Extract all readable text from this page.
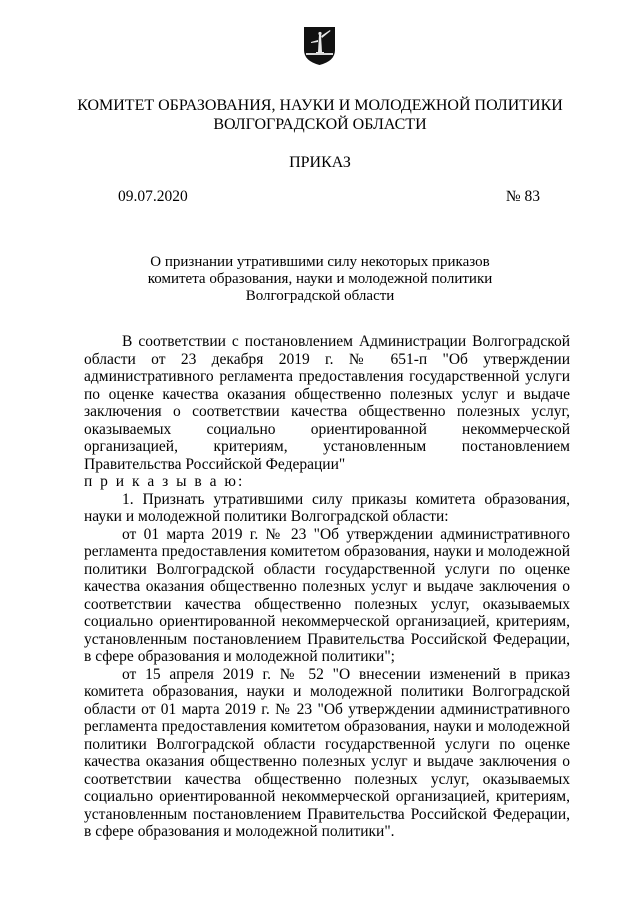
КОМИТЕТ ОБРАЗОВАНИЯ, НАУКИ И МОЛОДЕЖНОЙ ПОЛИТИКИ
ВОЛГОГРАДСКОЙ ОБЛАСТИ
ПРИКАЗ
09.07.2020	№ 83
О признании утратившими силу некоторых приказов
комитета образования, науки и молодежной политики
Волгоградской области

В соответствии с постановлением Администрации Волгоградской области от 23 декабря 2019 г. № 651-п "Об утверждении административного регламента предоставления государственной услуги по оценке качества оказания общественно полезных услуг и выдаче заключения о соответствии качества общественно полезных услуг, оказываемых социально ориентированной некоммерческой организацией, критериям, установленным постановлением Правительства Российской Федерации"

п р и к а з ы в а ю:

1. Признать утратившими силу приказы комитета образования, науки и молодежной политики Волгоградской области:

от 01 марта 2019 г. № 23 "Об утверждении административного регламента предоставления комитетом образования, науки и молодежной политики Волгоградской области государственной услуги по оценке качества оказания общественно полезных услуг и выдаче заключения о соответствии качества общественно полезных услуг, оказываемых социально ориентированной некоммерческой организацией, критериям, установленным постановлением Правительства Российской Федерации, в сфере образования и молодежной политики";

от 15 апреля 2019 г. № 52 "О внесении изменений в приказ комитета образования, науки и молодежной политики Волгоградской области от 01 марта 2019 г. № 23 "Об утверждении административного регламента предоставления комитетом образования, науки и молодежной политики Волгоградской области государственной услуги по оценке качества оказания общественно полезных услуг и выдаче заключения о соответствии качества общественно полезных услуг, оказываемых социально ориентированной некоммерческой организацией, критериям, установленным постановлением Правительства Российской Федерации, в сфере образования и молодежной политики".
